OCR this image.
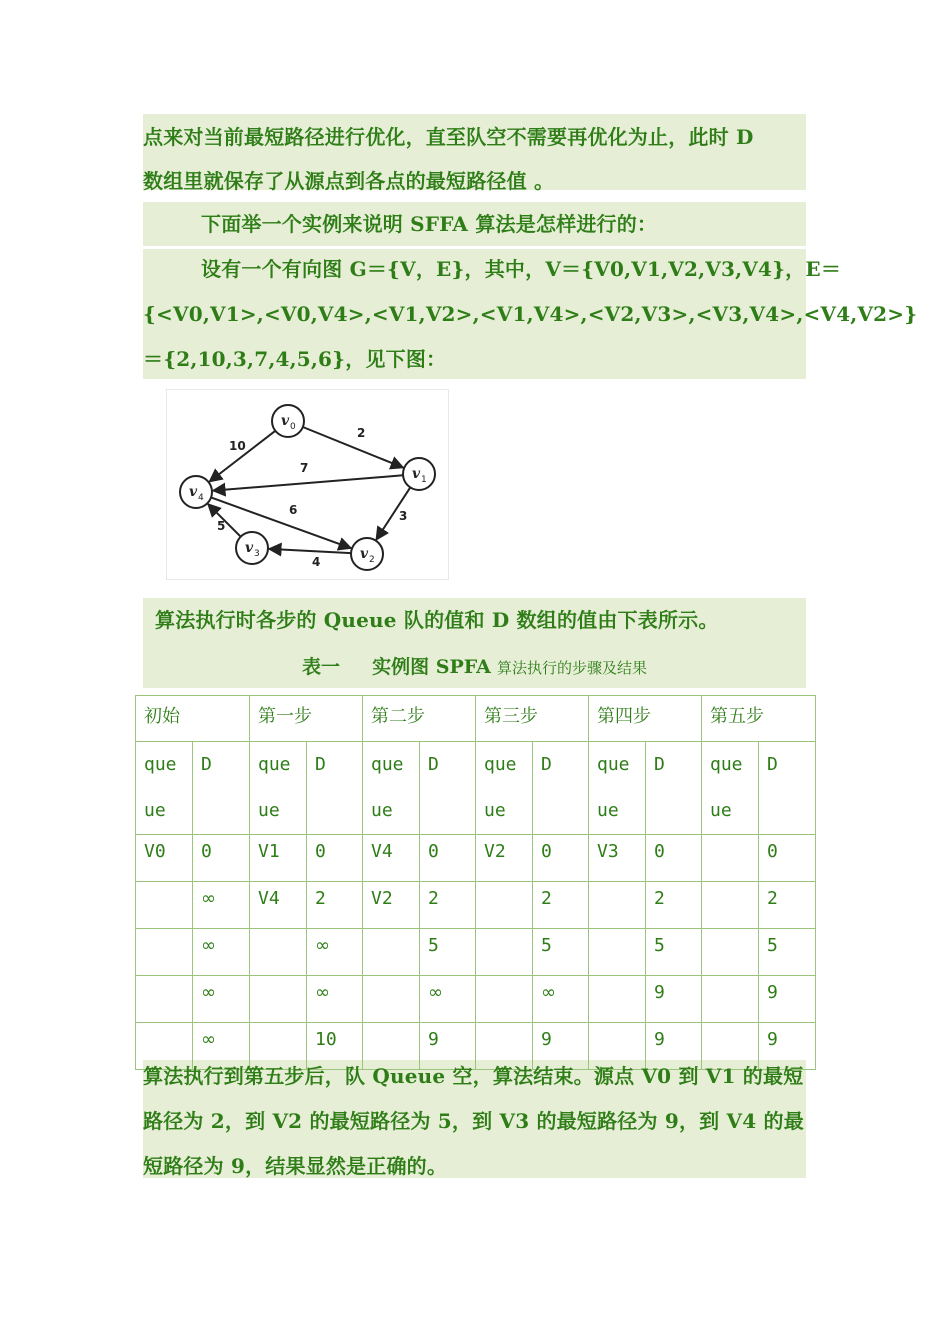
点来对当前最短路径进行优化，直至队空不需要再优化为止，此时 D
数组里就保存了从源点到各点的最短路径值 。
下面举一个实例来说明 SFFA 算法是怎样进行的：
设有一个有向图 G＝{V，E}，其中，V＝{V0,V1,V2,V3,V4}，E＝
{<V0,V1>,<V0,V4>,<V1,V2>,<V1,V4>,<V2,V3>,<V3,V4>,<V4,V2>}
＝{2,10,3,7,4,5,6}，见下图：
2
10
3
7
4
5
6
v 0
v 1
v 2
v 3
v 4
算法执行时各步的 Queue 队的值和 D 数组的值由下表所示。
表一 实例图 SPFA 算法执行的步骤及结果
初始		第一步		第二步		第三步		第四步		第五步	
que
ue	D	que
ue	D	que
ue	D	que
ue	D	que
ue	D	que
ue	D
V0	0	V1	0	V4	0	V2	0	V3	0		0
	∞	V4	2	V2	2		2		2		2
	∞		∞		5		5		5		5
	∞		∞		∞		∞		9		9
	∞		10		9		9		9		9
算法执行到第五步后，队 Queue 空，算法结束。源点 V0 到 V1 的最短
路径为 2，到 V2 的最短路径为 5，到 V3 的最短路径为 9，到 V4 的最
短路径为 9，结果显然是正确的。
